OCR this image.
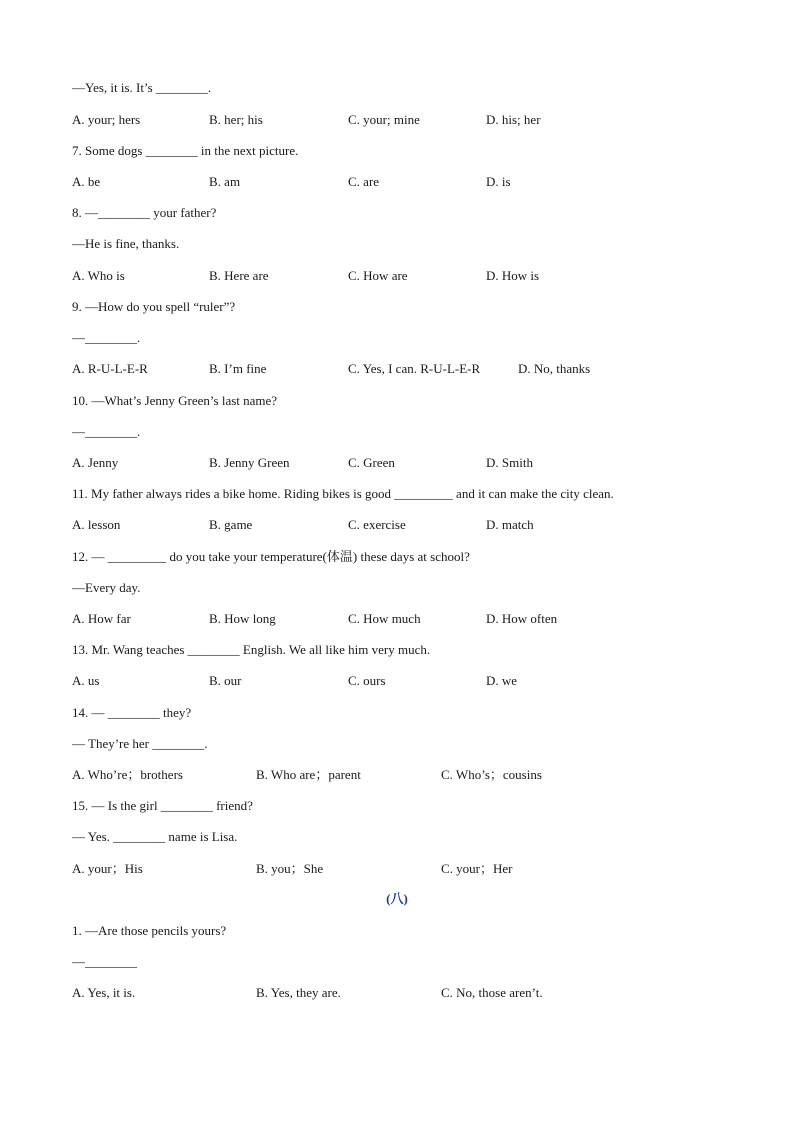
—Yes, it is. It’s ________.
A. your; hers	B. her; his	C. your; mine	D. his; her
7. Some dogs ________ in the next picture.
A. be	B. am	C. are	D. is
8. —________ your father?
—He is fine, thanks.
A. Who is	B. Here are	C. How are	D. How is
9. —How do you spell “ruler”?
—________.
A. R-U-L-E-R	B. I’m fine	C. Yes, I can. R-U-L-E-R	D. No, thanks
10. —What’s Jenny Green’s last name?
—________.
A. Jenny	B. Jenny Green	C. Green	D. Smith
11. My father always rides a bike home. Riding bikes is good _________ and it can make the city clean.
A. lesson	B. game	C. exercise	D. match
12. — _________ do you take your temperature(体温) these days at school?
—Every day.
A. How far	B. How long	C. How much	D. How often
13. Mr. Wang teaches ________ English. We all like him very much.
A. us	B. our	C. ours	D. we
14. — ________ they?
— They’re her ________.
A. Who’re；brothers	B. Who are；parent	C. Who’s；cousins
15. — Is the girl ________ friend?
— Yes. ________ name is Lisa.
A. your；His	B. you；She	C. your；Her
(八)
1. —Are those pencils yours?
—________
A. Yes, it is.	B. Yes, they are.	C. No, those aren’t.
